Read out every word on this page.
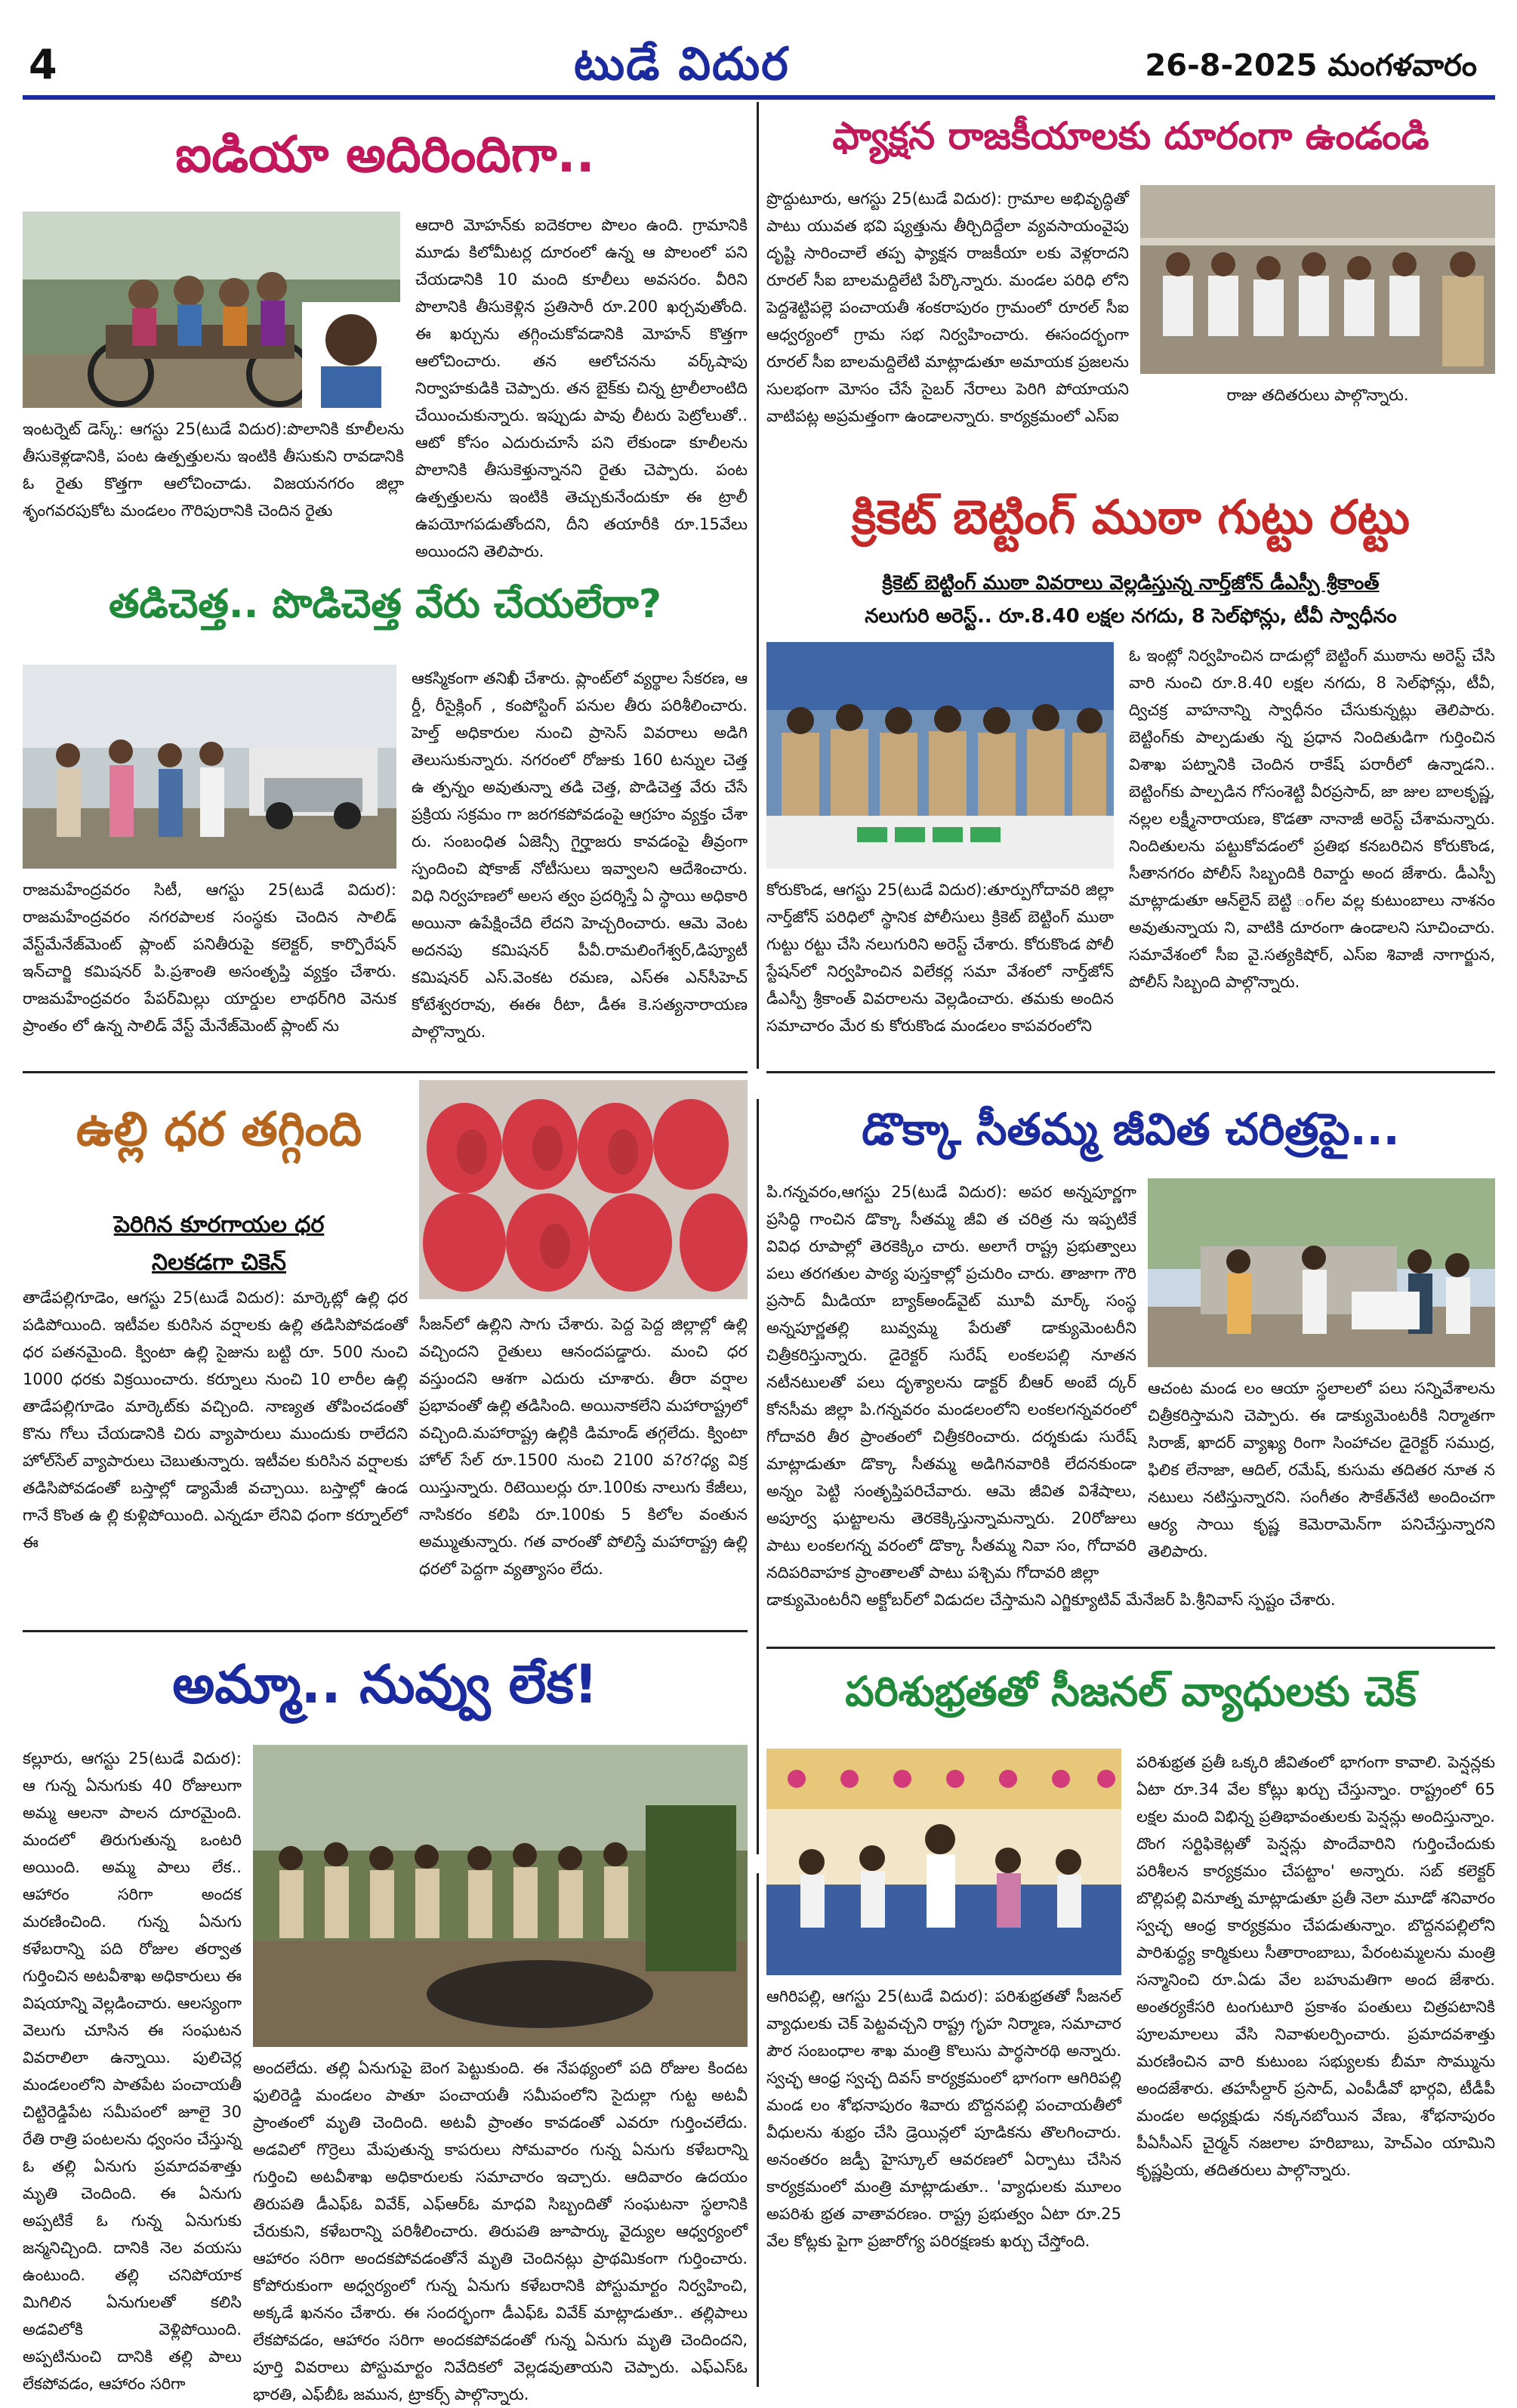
4	టుడే విదుర	26-8-2025 మంగళవారం
ఐడియా అదిరిందిగా..
ఇంటర్నెట్ డెస్క్: ఆగస్టు 25(టుడే విదుర):పొలానికి కూలీలను తీసుకెళ్లడానికి, పంట ఉత్పత్తులను ఇంటికి తీసుకుని రావడానికి ఓ రైతు కొత్తగా ఆలోచించాడు. విజయనగరం జిల్లా శృంగవరపుకోట మండలం గౌరిపురానికి చెందిన రైతు
ఆదారి మోహన్‌కు ఐదెకరాల పొలం ఉంది. గ్రామానికి మూడు కిలోమీటర్ల దూరంలో ఉన్న ఆ పొలంలో పని చేయడానికి 10 మంది కూలీలు అవసరం. వీరిని పొలానికి తీసుకెళ్లిన ప్రతిసారీ రూ.200 ఖర్చవుతోంది. ఈ ఖర్చును తగ్గించుకోవడానికి మోహన్ కొత్తగా ఆలోచించారు. తన ఆలోచనను వర్క్‌షాపు నిర్వాహకుడికి చెప్పారు. తన బైక్‌కు చిన్న ట్రాలీలాంటిది చేయించుకున్నారు. ఇప్పుడు పావు లీటరు పెట్రోలుతో.. ఆటో కోసం ఎదురుచూసే పని లేకుండా కూలీలను పొలానికి తీసుకెళ్తున్నానని రైతు చెప్పారు. పంట ఉత్పత్తులను ఇంటికి తెచ్చుకునేందుకూ ఈ ట్రాలీ ఉపయోగపడుతోందని, దీని తయారీకి రూ.15వేలు అయిందని తెలిపారు.
ఫ్యాక్షన రాజకీయాలకు దూరంగా ఉండండి
ప్రొద్దుటూరు, ఆగస్టు 25(టుడే విదుర): గ్రామాల అభివృద్ధితో పాటు యువత భవి ష్యత్తును తీర్చిదిద్దేలా వ్యవసాయంవైపు దృష్టి సారించాలే తప్ప ఫ్యాక్షన రాజకీయా లకు వెళ్లరాదని రూరల్ సీఐ బాలమద్దిలేటి పేర్కొన్నారు. మండల పరిధి లోని పెద్దశెట్టిపల్లె పంచాయతీ శంకరాపురం గ్రామంలో రూరల్ సీఐ ఆధ్వర్యంలో గ్రామ సభ నిర్వహించారు. ఈసందర్భంగా రూరల్ సీఐ బాలమద్దిలేటి మాట్లాడుతూ అమాయక ప్రజలను సులభంగా మోసం చేసే సైబర్ నేరాలు పెరిగి పోయాయని వాటిపట్ల అప్రమత్తంగా ఉండాలన్నారు. కార్యక్రమంలో ఎస్ఐ
రాజు తదితరులు పాల్గొన్నారు.
తడిచెత్త.. పొడిచెత్త వేరు చేయలేరా?
రాజమహేంద్రవరం సిటీ, ఆగస్టు 25(టుడే విదుర): రాజమహేంద్రవరం నగరపాలక సంస్థకు చెందిన సాలిడ్ వేస్ట్‌మేనేజ్‌మెంట్ ప్లాంట్ పనితీరుపై కలెక్టర్, కార్పొరేషన్ ఇన్‌చార్జి కమిషనర్ పి.ప్రశాంతి అసంతృప్తి వ్యక్తం చేశారు. రాజమహేంద్రవరం పేపర్‌మిల్లు యార్డుల లాథర్‌గిరి వెనుక ప్రాంతం లో ఉన్న సాలిడ్ వేస్ట్ మేనేజ్‌మెంట్ ప్లాంట్ ను
ఆకస్మికంగా తనిఖీ చేశారు. ప్లాంట్‌లో వ్యర్థాల సేకరణ, ఆ ర్డీ, రీసైక్లింగ్ , కంపోస్టింగ్ పనుల తీరు పరిశీలించారు. హెల్త్ అధికారుల నుంచి ప్రాసెస్ వివరాలు అడిగి తెలుసుకున్నారు. నగరంలో రోజుకు 160 టన్నుల చెత్త ఉ త్పన్నం అవుతున్నా తడి చెత్త, పొడిచెత్త వేరు చేసే ప్రక్రియ సక్రమం గా జరగకపోవడంపై ఆగ్రహం వ్యక్తం చేశా రు. సంబంధిత ఏజెన్సీ గైర్హాజరు కావడంపై తీవ్రంగా స్పందించి షోకాజ్ నోటీసులు ఇవ్వాలని ఆదేశించారు. విధి నిర్వహణలో అలస త్వం ప్రదర్శిస్తే ఏ స్థాయి అధికారి అయినా ఉపేక్షించేది లేదని హెచ్చరించారు. ఆమె వెంట అదనపు కమిషనర్ పీవీ.రామలింగేశ్వర్,డిప్యూటీ కమిషనర్ ఎస్.వెంకట రమణ, ఎస్ఈ ఎన్‌సీహెచ్ కోటేశ్వరరావు, ఈఈ రీటా, డీఈ కె.సత్యనారాయణ పాల్గొన్నారు.
క్రికెట్ బెట్టింగ్ ముఠా గుట్టు రట్టు
క్రికెట్ బెట్టింగ్ ముఠా వివరాలు వెల్లడిస్తున్న నార్త్‌జోన్ డీఎస్పీ శ్రీకాంత్
నలుగురి అరెస్ట్.. రూ.8.40 లక్షల నగదు, 8 సెల్‌ఫోన్లు, టీవీ స్వాధీనం
కోరుకొండ, ఆగస్టు 25(టుడే విదుర):తూర్పుగోదావరి జిల్లా నార్త్‌జోన్ పరిధిలో స్థానిక పోలీసులు క్రికెట్ బెట్టింగ్ ముఠా గుట్టు రట్టు చేసి నలుగురిని అరెస్ట్ చేశారు. కోరుకొండ పోలీ స్టేషన్‌లో నిర్వహించిన విలేకర్ల సమా వేశంలో నార్త్‌జోన్ డీఎస్పీ శ్రీకాంత్ వివరాలను వెల్లడించారు. తమకు అందిన సమాచారం మేర కు కోరుకొండ మండలం కాపవరంలోని
ఓ ఇంట్లో నిర్వహించిన దాడుల్లో బెట్టింగ్ ముఠాను అరెస్ట్ చేసి వారి నుంచి రూ.8.40 లక్షల నగదు, 8 సెల్‌ఫోన్లు, టీవీ, ద్విచక్ర వాహనాన్ని స్వాధీనం చేసుకున్నట్లు తెలిపారు. బెట్టింగ్‌కు పాల్పడుతు న్న ప్రధాన నిందితుడిగా గుర్తించిన విశాఖ పట్నానికి చెందిన రాకేష్ పరారీలో ఉన్నాడని.. బెట్టింగ్‌కు పాల్పడిన గోసంశెట్టి వీరప్రసాద్, జా జుల బాలకృష్ణ, నల్లల లక్ష్మీనారాయణ, కొడతా నానాజీ అరెస్ట్ చేశామన్నారు. నిందితులను పట్టుకోవడంలో ప్రతిభ కనబరిచిన కోరుకొండ, సీతానగరం పోలీస్ సిబ్బందికి రివార్డు అంద జేశారు. డీఎస్పీ మాట్లాడుతూ ఆన్‌లైన్ బెట్టి ంగ్‌ల వల్ల కుటుంబాలు నాశనం అవుతున్నాయ ని, వాటికి దూరంగా ఉండాలని సూచించారు. సమావేశంలో సీఐ వై.సత్యకిషోర్, ఎస్ఐ శివాజీ నాగార్జున, పోలీస్ సిబ్బంది పాల్గొన్నారు.
ఉల్లి ధర తగ్గింది
పెరిగిన కూరగాయల ధర
నిలకడగా చికెన్
తాడేపల్లిగూడెం, ఆగస్టు 25(టుడే విదుర): మార్కెట్లో ఉల్లి ధర పడిపోయింది. ఇటీవల కురిసిన వర్షాలకు ఉల్లి తడిసిపోవడంతో ధర పతనమైంది. క్వింటా ఉల్లి సైజును బట్టి రూ. 500 నుంచి 1000 ధరకు విక్రయించారు. కర్నూలు నుంచి 10 లారీల ఉల్లి తాడేపల్లిగూడెం మార్కెట్‌కు వచ్చింది. నాణ్యత తోపించడంతో కొను గోలు చేయడానికి చిరు వ్యాపారులు ముందుకు రాలేదని హోల్‌సేల్ వ్యాపారులు చెబుతున్నారు. ఇటీవల కురిసిన వర్షాలకు తడిసిపోవడంతో బస్తాల్లో డ్యామేజీ వచ్చాయి. బస్తాల్లో ఉండ గానే కొంత ఉ ల్లి కుళ్లిపోయింది. ఎన్నడూ లేనివి ధంగా కర్నూల్‌లో ఈ
సీజన్‌లో ఉల్లిని సాగు చేశారు. పెద్ద పెద్ద జిల్లాల్లో ఉల్లి వచ్చిందని రైతులు ఆనందపడ్డారు. మంచి ధర వస్తుందని ఆశగా ఎదురు చూశారు. తీరా వర్షాల ప్రభావంతో ఉల్లి తడిసింది. అయినాకలేని మహారాష్ట్రలో వచ్చింది.మహారాష్ట్ర ఉల్లికి డిమాండ్ తగ్గలేదు. క్వింటా హోల్ సేల్ రూ.1500 నుంచి 2100 వ?ర?ధ్య విక్ర యిస్తున్నారు. రిటెయిలర్లు రూ.100కు నాలుగు కేజీలు, నాసికరం కలిపి రూ.100కు 5 కిలోల వంతున అమ్ముతున్నారు. గత వారంతో పోలిస్తే మహారాష్ట్ర ఉల్లి ధరలో పెద్దగా వ్యత్యాసం లేదు.
డొక్కా సీతమ్మ జీవిత చరిత్రపై...
పి.గన్నవరం,ఆగస్టు 25(టుడే విదుర): అపర అన్నపూర్ణగా ప్రసిద్ధి గాంచిన డొక్కా సీతమ్మ జీవి త చరిత్ర ను ఇప్పటికే వివిధ రూపాల్లో తెరకెక్కిం చారు. అలాగే రాష్ట్ర ప్రభుత్వాలు పలు తరగతుల పాఠ్య పుస్తకాల్లో ప్రచురిం చారు. తాజాగా గౌరి ప్రసాద్ మీడియా బ్యాక్‌అండ్‌వైట్ మూవీ మార్క్ సంస్థ అన్నపూర్ణతల్లి బువ్వమ్మ పేరుతో డాక్యుమెంటరీని చిత్రీకరిస్తున్నారు. డైరెక్టర్ సురేష్ లంకలపల్లి నూతన నటీనటులతో పలు దృశ్యాలను డాక్టర్ బీఆర్ అంబే ద్కర్ కోనసీమ జిల్లా పి.గన్నవరం మండలంలోని లంకలగన్నవరంలో గోదావరి తీర ప్రాంతంలో చిత్రీకరించారు. దర్శకుడు సురేష్ మాట్లాడుతూ డొక్కా సీతమ్మ అడిగినవారికి లేదనకుండా అన్నం పెట్టి సంతృప్తిపరిచేవారు. ఆమె జీవిత విశేషాలు, అపూర్వ ఘట్టాలను తెరకెక్కిస్తున్నామన్నారు. 20రోజులు పాటు లంకలగన్న వరంలో డొక్కా సీతమ్మ నివా సం, గోదావరి నదిపరివాహక ప్రాంతాలతో పాటు పశ్చిమ గోదావరి జిల్లా
ఆచంట మండ లం ఆయా స్థలాలలో పలు సన్నివేశాలను చిత్రీకరిస్తామని చెప్పారు. ఈ డాక్యుమెంటరీకి నిర్మాతగా సిరాజ్, ఖాదర్ వ్యాఖ్య రింగా సింహాచల డైరెక్టర్ సముద్ర, ఫిలిక లేనాజా, ఆదిల్, రమేష్, కుసుమ తదితర నూత న నటులు నటిస్తున్నారని. సంగీతం సౌకేత్‌నేటి అందించగా ఆర్య సాయి కృష్ణ కెమెరామెన్‌గా పనిచేస్తున్నారని తెలిపారు.
డాక్యుమెంటరీని అక్టోబర్‌లో విడుదల చేస్తామని ఎగ్జిక్యూటివ్ మేనేజర్ పి.శ్రీనివాస్ స్పష్టం చేశారు.
అమ్మా.. నువ్వు లేక!
కల్లూరు, ఆగస్టు 25(టుడే విదుర): ఆ గున్న ఏనుగుకు 40 రోజులుగా అమ్మ ఆలనా పాలన దూరమైంది. మందలో తిరుగుతున్న ఒంటరి అయింది. అమ్మ పాలు లేక.. ఆహారం సరిగా అందక మరణించింది. గున్న ఏనుగు కళేబరాన్ని పది రోజుల తర్వాత గుర్తించిన అటవీశాఖ అధికారులు ఈ విషయాన్ని వెల్లడించారు. ఆలస్యంగా వెలుగు చూసిన ఈ సంఘటన వివరాలిలా ఉన్నాయి. పులిచెర్ల మండలంలోని పాతపేట పంచాయతీ చిట్టిరెడ్డిపేట సమీపంలో జూలై 30 రేతి రాత్రి పంటలను ధ్వంసం చేస్తున్న ఓ తల్లి ఏనుగు ప్రమాదవశాత్తు మృతి చెందింది. ఈ ఏనుగు అప్పటికే ఓ గున్న ఏనుగుకు జన్మనిచ్చింది. దానికి నెల వయసు ఉంటుంది. తల్లి చనిపోయాక మిగిలిన ఏనుగులతో కలిసి అడవిలోకి వెళ్లిపోయింది. అప్పటినుంచి దానికి తల్లి పాలు లేకపోవడం, ఆహారం సరిగా
అందలేదు. తల్లి ఏనుగుపై బెంగ పెట్టుకుంది. ఈ నేపథ్యంలో పది రోజుల కిందట ఫులిరెడ్డి మండలం పాతూ పంచాయతీ సమీపంలోని సైదుల్లా గుట్ట అటవీ ప్రాంతంలో మృతి చెందింది. అటవీ ప్రాంతం కావడంతో ఎవరూ గుర్తించలేదు. అడవిలో గొర్రెలు మేపుతున్న కాపరులు సోమవారం గున్న ఏనుగు కళేబరాన్ని గుర్తించి అటవీశాఖ అధికారులకు సమాచారం ఇచ్చారు. ఆదివారం ఉదయం తిరుపతి డీఎఫ్ఓ వివేక్, ఎఫ్ఆర్ఓ మాధవి సిబ్బందితో సంఘటనా స్థలానికి చేరుకుని, కళేబరాన్ని పరిశీలించారు. తిరుపతి జూపార్కు వైద్యుల ఆధ్వర్యంలో ఆహారం సరిగా అందకపోవడంతోనే మృతి చెందినట్లు ప్రాథమికంగా గుర్తించారు. కోపోరుకుంగా అధ్వర్యంలో గున్న ఏనుగు కళేబరానికి పోస్టుమార్టం నిర్వహించి, అక్కడే ఖననం చేశారు. ఈ సందర్భంగా డీఎఫ్ఓ వివేక్ మాట్లాడుతూ.. తల్లిపాలు లేకపోవడం, ఆహారం సరిగా అందకపోవడంతో గున్న ఏనుగు మృతి చెందిందని, పూర్తి వివరాలు పోస్టుమార్టం నివేదికలో వెల్లడవుతాయని చెప్పారు. ఎఫ్ఎస్ఓ భారతి, ఎఫ్‌బీఓ జమున, ట్రాకర్స్ పాల్గొన్నారు.
పరిశుభ్రతతో సీజనల్ వ్యాధులకు చెక్
ఆగిరిపల్లి, ఆగస్టు 25(టుడే విదుర): పరిశుభ్రతతో సీజనల్ వ్యాధులకు చెక్ పెట్టవచ్చని రాష్ట్ర గృహ నిర్మాణ, సమాచార పౌర సంబంధాల శాఖ మంత్రి కొలుసు పార్థసారథి అన్నారు. స్వచ్ఛ ఆంధ్ర స్వచ్ఛ దివస్ కార్యక్రమంలో భాగంగా ఆగిరిపల్లి మండ లం శోభనాపురం శివారు బొద్దనపల్లి పంచాయతీలో వీధులను శుభ్రం చేసి డ్రెయిన్లలో పూడికను తొలగించారు. అనంతరం జడ్పీ హైస్కూల్ ఆవరణలో ఏర్పాటు చేసిన కార్యక్రమంలో మంత్రి మాట్లాడుతూ.. 'వ్యాధులకు మూలం అపరిశు భ్రత వాతావరణం. రాష్ట్ర ప్రభుత్వం ఏటా రూ.25 వేల కోట్లకు పైగా ప్రజారోగ్య పరిరక్షణకు ఖర్చు చేస్తోంది.
పరిశుభ్రత ప్రతీ ఒక్కరి జీవితంలో భాగంగా కావాలి. పెన్షన్లకు ఏటా రూ.34 వేల కోట్లు ఖర్చు చేస్తున్నాం. రాష్ట్రంలో 65 లక్షల మంది విభిన్న ప్రతిభావంతులకు పెన్షన్లు అందిస్తున్నాం. దొంగ సర్టిఫికెట్లతో పెన్షన్లు పొందేవారిని గుర్తించేందుకు పరిశీలన కార్యక్రమం చేపట్టాం' అన్నారు. సబ్ కలెక్టర్ బొల్లిపల్లి వినూత్న మాట్లాడుతూ ప్రతీ నెలా మూడో శనివారం స్వచ్ఛ ఆంధ్ర కార్యక్రమం చేపడుతున్నాం. బొద్దనపల్లిలోని పారిశుద్ధ్య కార్మికులు సీతారాంబాబు, పేరంటమ్మలను మంత్రి సన్మానించి రూ.ఏడు వేల బహుమతిగా అంద జేశారు. అంతర్యకేసరి టంగుటూరి ప్రకాశం పంతులు చిత్రపటానికి పూలమాలలు వేసి నివాళులర్పించారు. ప్రమాదవశాత్తు మరణించిన వారి కుటుంబ సభ్యులకు బీమా సొమ్మును అందజేశారు. తహసీల్దార్ ప్రసాద్, ఎంపీడీవో భార్గవి, టీడీపీ మండల అధ్యక్షుడు నక్కనబోయిన వేణు, శోభనాపురం పీఏసీఎస్ చైర్మన్ నజలాల హరిబాబు, హెచ్ఎం యామిని కృష్ణప్రియ, తదితరులు పాల్గొన్నారు.
